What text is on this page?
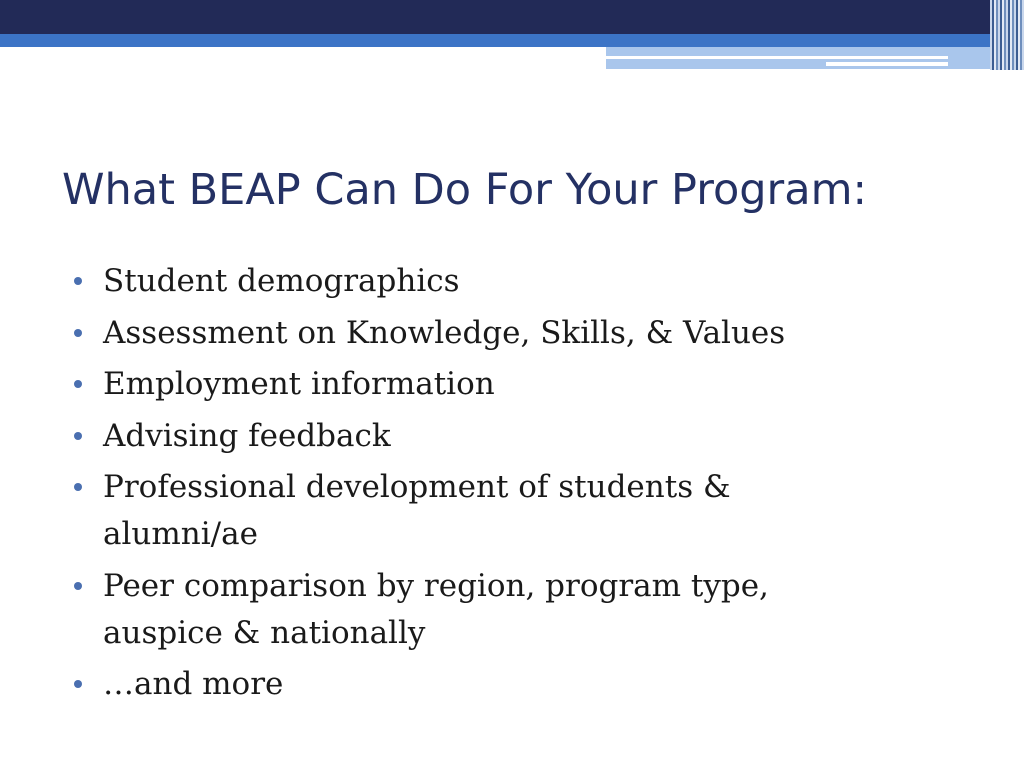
What BEAP Can Do For Your Program:
Student demographics
Assessment on Knowledge, Skills, & Values
Employment information
Advising feedback
Professional development of students & alumni/ae
Peer comparison by region, program type, auspice & nationally
…and more
